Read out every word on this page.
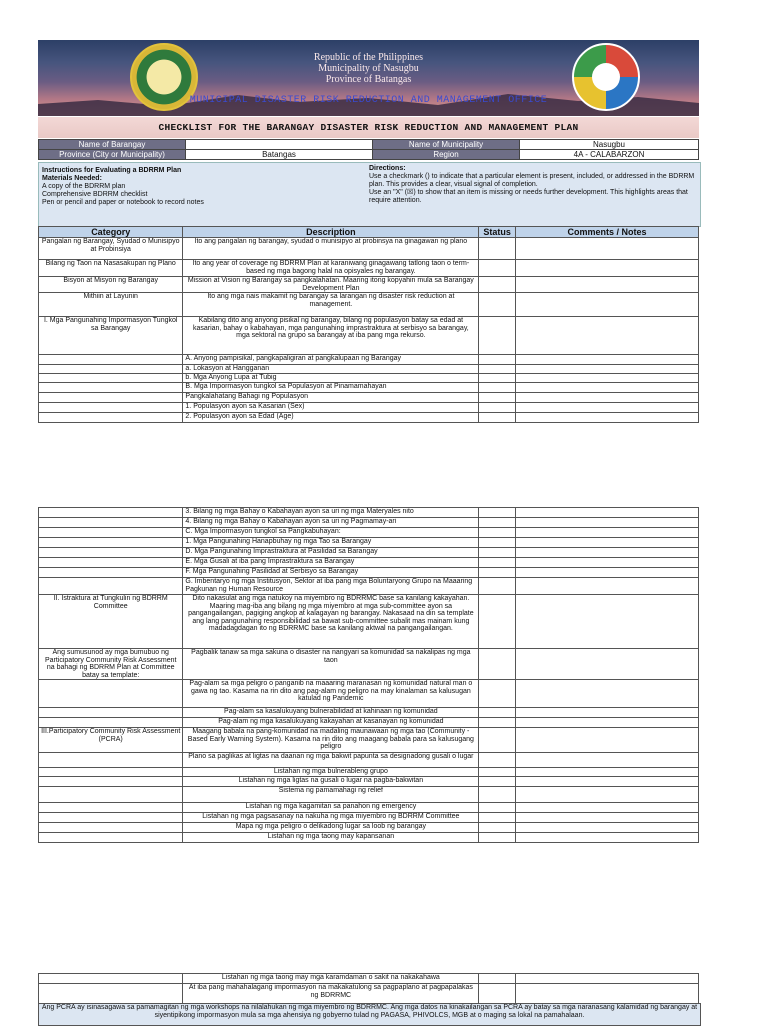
Republic of the Philippines
Municipality of Nasugbu
Province of Batangas
MUNICIPAL DISASTER RISK REDUCTION AND MANAGEMENT OFFICE
CHECKLIST FOR THE BARANGAY DISASTER RISK REDUCTION AND MANAGEMENT PLAN
Name of Barangay		Name of Municipality	Nasugbu
Province (City or Municipality)	Batangas	Region	4A - CALABARZON
Instructions for Evaluating a BDRRM Plan
Materials Needed:
A copy of the BDRRM plan
Comprehensive BDRRM checklist
Pen or pencil and paper or notebook to record notes
Directions:
Use a checkmark () to indicate that a particular element is present, included, or addressed in the BDRRM plan. This provides a clear, visual signal of completion.
Use an "X" (☒) to show that an item is missing or needs further development. This highlights areas that require attention.
Category	Description	Status	Comments / Notes
Pangalan ng Barangay, Syudad o Munisipyo at Probinsiya	Ito ang pangalan ng barangay, syudad o munisipyo at probinsya na ginagawan ng plano		
Bilang ng Taon na Nasasakupan ng Plano	Ito ang year of coverage ng BDRRM Plan at karaniwang ginagawang tatlong taon o term-based ng mga bagong halal na opisyales ng barangay.		
Bisyon at Misyon ng Barangay	Mission at Vision ng Barangay sa pangkalahatan. Maaring itong kopyahin mula sa Barangay Development Plan		
Mithiin at Layunin	Ito ang mga nais makamit ng barangay sa larangan ng disaster risk reduction at management.		
I. Mga Pangunahing Impormasyon Tungkol sa Barangay	Kabilang dito ang anyong pisikal ng barangay, bilang ng populasyon batay sa edad at kasarian, bahay o kabahayan, mga pangunahing imprastraktura at serbisyo sa barangay, mga sektoral na grupo sa barangay at iba pang mga rekurso.		
	A. Anyong pampisikal, pangkapaligiran at pangkalupaan ng Barangay		
	a. Lokasyon at Hangganan		
	b. Mga Anyong Lupa at Tubig		
	B. Mga Impormasyon tungkol sa Populasyon at Pinamamahayan		
	Pangkalahatang Bahagi ng Populasyon		
	1. Populasyon ayon sa Kasarian (Sex)		
	2. Populasyon ayon sa Edad (Age)		
	3. Bilang ng mga Bahay o Kabahayan ayon sa uri ng mga Materyales nito		
	4. Bilang ng mga Bahay o Kabahayan ayon sa uri ng Pagmamay-ari		
	C. Mga Impormasyon tungkol sa Pangkabuhayan:		
	1. Mga Pangunahing Hanapbuhay ng mga Tao sa Barangay		
	D. Mga Pangunahing Imprastraktura at Pasilidad sa Barangay		
	E. Mga Gusali at iba pang Imprastraktura sa Barangay		
	F. Mga Pangunahing Pasilidad at Serbisyo sa Barangay		
	G. Imbentaryo ng mga Institusyon, Sektor at iba pang mga Boluntaryong Grupo na Maaaring Pagkunan ng Human Resource		
II. Istraktura at Tungkulin ng BDRRM Committee	Dito nakasulat ang mga natukoy na miyembro ng BDRRMC base sa kanilang kakayahan. Maaring mag-iba ang bilang ng mga miyembro at mga sub-committee ayon sa pangangailangan, pagiging angkop at kalagayan ng barangay. Nakasaad na din sa template ang lang pangunahing responsibilidad sa bawat sub-committee subalit mas mainam kung madadagdagan ito ng BDRRMC base sa kanilang aktwal na pangangailangan.		
Ang sumusunod ay mga bumubuo ng Participatory Community Risk Assessment na bahagi ng BDRRM Plan at Committee batay sa template:	Pagbalik tanaw sa mga sakuna o disaster na nangyari sa komunidad sa nakalipas ng mga taon		
	Pag-alam sa mga peligro o panganib na maaaring maranasan ng komunidad natural man o gawa ng tao. Kasama na rin dito ang pag-alam ng peligro na may kinalaman sa kalusugan katulad ng Pandemic		
	Pag-alam sa kasalukuyang bulnerabilidad at kahinaan ng komunidad		
	Pag-alam ng mga kasalukuyang kakayahan at kasanayan ng komunidad		
III.Participatory Community Risk Assessment (PCRA)	Maagang babala na pang-komunidad na madaling maunawaan ng mga tao (Community -Based Early Warning System). Kasama na rin dito ang maagang babala para sa kalusugang peligro		
	Plano sa paglikas at ligtas na daanan ng mga bakwit papunta sa designadong gusali o lugar		
	Listahan ng mga bulnerableng grupo		
	Listahan ng mga ligtas na gusali o lugar na pagba-bakwitan		
	Sistema ng pamamahagi ng relief		
	Listahan ng mga kagamitan sa panahon ng emergency		
	Listahan ng mga pagsasanay na nakuha ng mga miyembro ng BDRRM Committee		
	Mapa ng mga peligro o delikadong lugar sa loob ng barangay		
	Listahan ng mga taong may kapansanan		
	Listahan ng mga taong may mga karamdaman o sakit na nakakahawa		
	At iba pang mahahalagang impormasyon na makakatulong sa pagpaplano at pagpapalakas ng BDRRMC		
Ang PCRA ay isinasagawa sa pamamagitan ng mga workshops na nilalahukan ng mga miyembro ng BDRRMC. Ang mga datos na kinakailangan sa PCRA ay batay sa mga naranasang kalamidad ng barangay at siyentipikong impormasyon mula sa mga ahensiya ng gobyerno tulad ng PAGASA, PHIVOLCS, MGB at o maging sa lokal na pamahalaan.
